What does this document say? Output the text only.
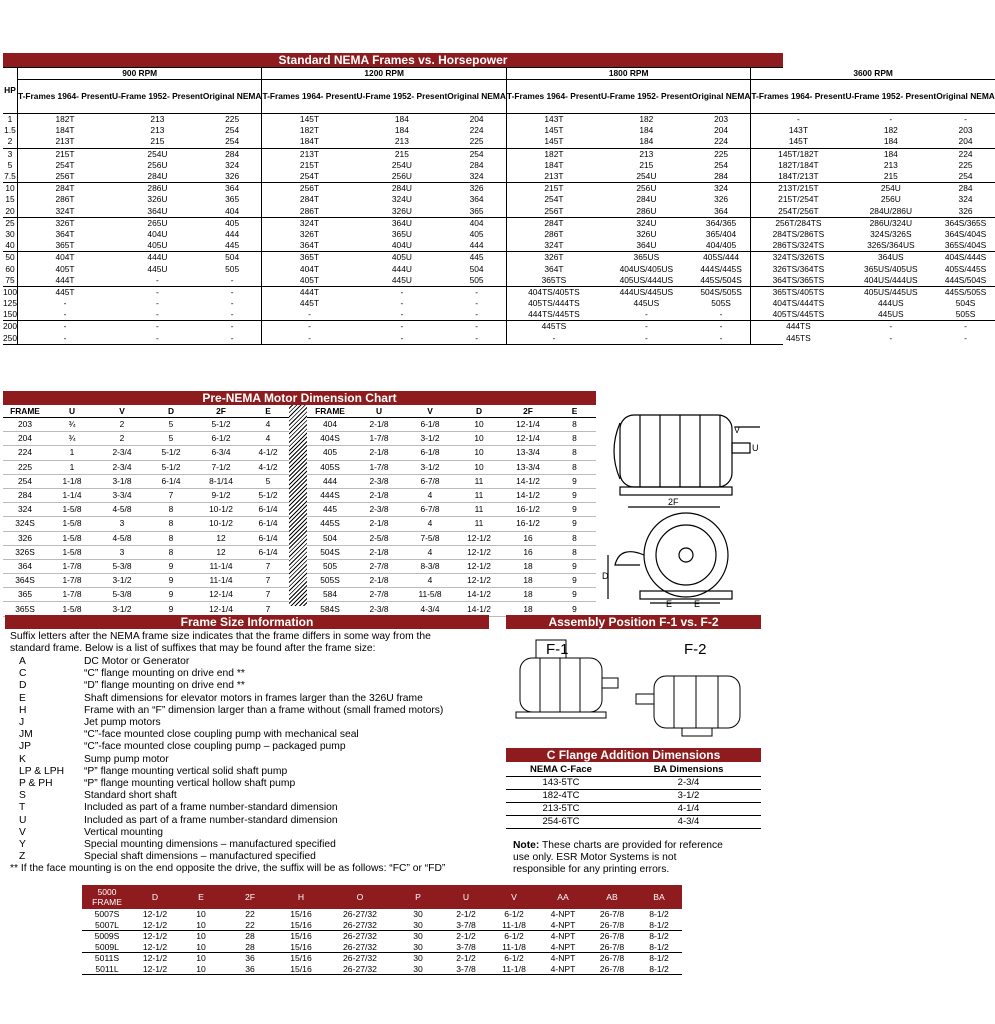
Standard NEMA Frames vs. Horsepower
HP	900 RPM			1200 RPM			1800 RPM			3600 RPM		
	T-Frames 1964- Present	U-Frame 1952- Present	Original NEMA	T-Frames 1964- Present	U-Frame 1952- Present	Original NEMA	T-Frames 1964- Present	U-Frame 1952- Present	Original NEMA	T-Frames 1964- Present	U-Frame 1952- Present	Original NEMA
1	182T	213	225	145T	184	204	143T	182	203	-	-	-
1.5	184T	213	254	182T	184	224	145T	184	204	143T	182	203
2	213T	215	254	184T	213	225	145T	184	224	145T	184	204
3	215T	254U	284	213T	215	254	182T	213	225	145T/182T	184	224
5	254T	256U	324	215T	254U	284	184T	215	254	182T/184T	213	225
7.5	256T	284U	326	254T	256U	324	213T	254U	284	184T/213T	215	254
10	284T	286U	364	256T	284U	326	215T	256U	324	213T/215T	254U	284
15	286T	326U	365	284T	324U	364	254T	284U	326	215T/254T	256U	324
20	324T	364U	404	286T	326U	365	256T	286U	364	254T/256T	284U/286U	326
25	326T	265U	405	324T	364U	404	284T	324U	364/365	256T/284TS	286U/324U	364S/365S
30	364T	404U	444	326T	365U	405	286T	326U	365/404	284TS/286TS	324S/326S	364S/404S
40	365T	405U	445	364T	404U	444	324T	364U	404/405	286TS/324TS	326S/364US	365S/404S
50	404T	444U	504	365T	405U	445	326T	365US	405S/444	324TS/326TS	364US	404S/444S
60	405T	445U	505	404T	444U	504	364T	404US/405US	444S/445S	326TS/364TS	365US/405US	405S/445S
75	444T	-	-	405T	445U	505	365TS	405US/444US	445S/504S	364TS/365TS	404US/444US	444S/504S
100	445T	-	-	444T	-	-	404TS/405TS	444US/445US	504S/505S	365TS/405TS	405US/445US	445S/505S
125	-	-	-	445T	-	-	405TS/444TS	445US	505S	404TS/444TS	444US	504S
150	-	-	-	-	-	-	444TS/445TS	-	-	405TS/445TS	445US	505S
200	-	-	-	-	-	-	445TS	-	-	444TS	-	-
250	-	-	-	-	-	-	-	-	-	445TS	-	-
Pre-NEMA Motor Dimension Chart
FRAME	U	V	D	2F	E
203	¾	2	5	5-1/2	4
204	¾	2	5	6-1/2	4
224	1	2-3/4	5-1/2	6-3/4	4-1/2
225	1	2-3/4	5-1/2	7-1/2	4-1/2
254	1-1/8	3-1/8	6-1/4	8-1/14	5
284	1-1/4	3-3/4	7	9-1/2	5-1/2
324	1-5/8	4-5/8	8	10-1/2	6-1/4
324S	1-5/8	3	8	10-1/2	6-1/4
326	1-5/8	4-5/8	8	12	6-1/4
326S	1-5/8	3	8	12	6-1/4
364	1-7/8	5-3/8	9	11-1/4	7
364S	1-7/8	3-1/2	9	11-1/4	7
365	1-7/8	5-3/8	9	12-1/4	7
365S	1-5/8	3-1/2	9	12-1/4	7
FRAME	U	V	D	2F	E
404	2-1/8	6-1/8	10	12-1/4	8
404S	1-7/8	3-1/2	10	12-1/4	8
405	2-1/8	6-1/8	10	13-3/4	8
405S	1-7/8	3-1/2	10	13-3/4	8
444	2-3/8	6-7/8	11	14-1/2	9
444S	2-1/8	4	11	14-1/2	9
445	2-3/8	6-7/8	11	16-1/2	9
445S	2-1/8	4	11	16-1/2	9
504	2-5/8	7-5/8	12-1/2	16	8
504S	2-1/8	4	12-1/2	16	8
505	2-7/8	8-3/8	12-1/2	18	9
505S	2-1/8	4	12-1/2	18	9
584	2-7/8	11-5/8	14-1/2	18	9
584S	2-3/8	4-3/4	14-1/2	18	9
V
U
2F
D
E E
Frame Size Information
Suffix letters after the NEMA frame size indicates that the frame differs in some way from the
standard frame. Below is a list of suffixes that may be found after the frame size:
A	DC Motor or Generator
C	“C” flange mounting on drive end **
D	“D” flange mounting on drive end **
E	Shaft dimensions for elevator motors in frames larger than the 326U frame
H	Frame with an “F” dimension larger than a frame without (small framed motors)
J	Jet pump motors
JM	“C”-face mounted close coupling pump with mechanical seal
JP	“C”-face mounted close coupling pump – packaged pump
K	Sump pump motor
LP & LPH “P” flange mounting vertical solid shaft pump
P & PH	“P” flange mounting vertical hollow shaft pump
S	Standard short shaft
T	Included as part of a frame number-standard dimension
U	Included as part of a frame number-standard dimension
V	Vertical mounting
Y	Special mounting dimensions – manufactured specified
Z	Special shaft dimensions – manufactured specified
** If the face mounting is on the end opposite the drive, the suffix will be as follows: “FC” or “FD”
Assembly Position F-1 vs. F-2
F-1	F-2
C Flange Addition Dimensions
NEMA C-Face	BA Dimensions
143-5TC	2-3/4
182-4TC	3-1/2
213-5TC	4-1/4
254-6TC	4-3/4
Note: These charts are provided for reference
use only. ESR Motor Systems is not
responsible for any printing errors.
5000 FRAME	D	E	2F	H	O	P	U	V	AA	AB	BA
5007S	12-1/2	10	22	15/16	26-27/32	30	2-1/2	6-1/2	4-NPT	26-7/8	8-1/2
5007L	12-1/2	10	22	15/16	26-27/32	30	3-7/8	11-1/8	4-NPT	26-7/8	8-1/2
5009S	12-1/2	10	28	15/16	26-27/32	30	2-1/2	6-1/2	4-NPT	26-7/8	8-1/2
5009L	12-1/2	10	28	15/16	26-27/32	30	3-7/8	11-1/8	4-NPT	26-7/8	8-1/2
5011S	12-1/2	10	36	15/16	26-27/32	30	2-1/2	6-1/2	4-NPT	26-7/8	8-1/2
5011L	12-1/2	10	36	15/16	26-27/32	30	3-7/8	11-1/8	4-NPT	26-7/8	8-1/2
